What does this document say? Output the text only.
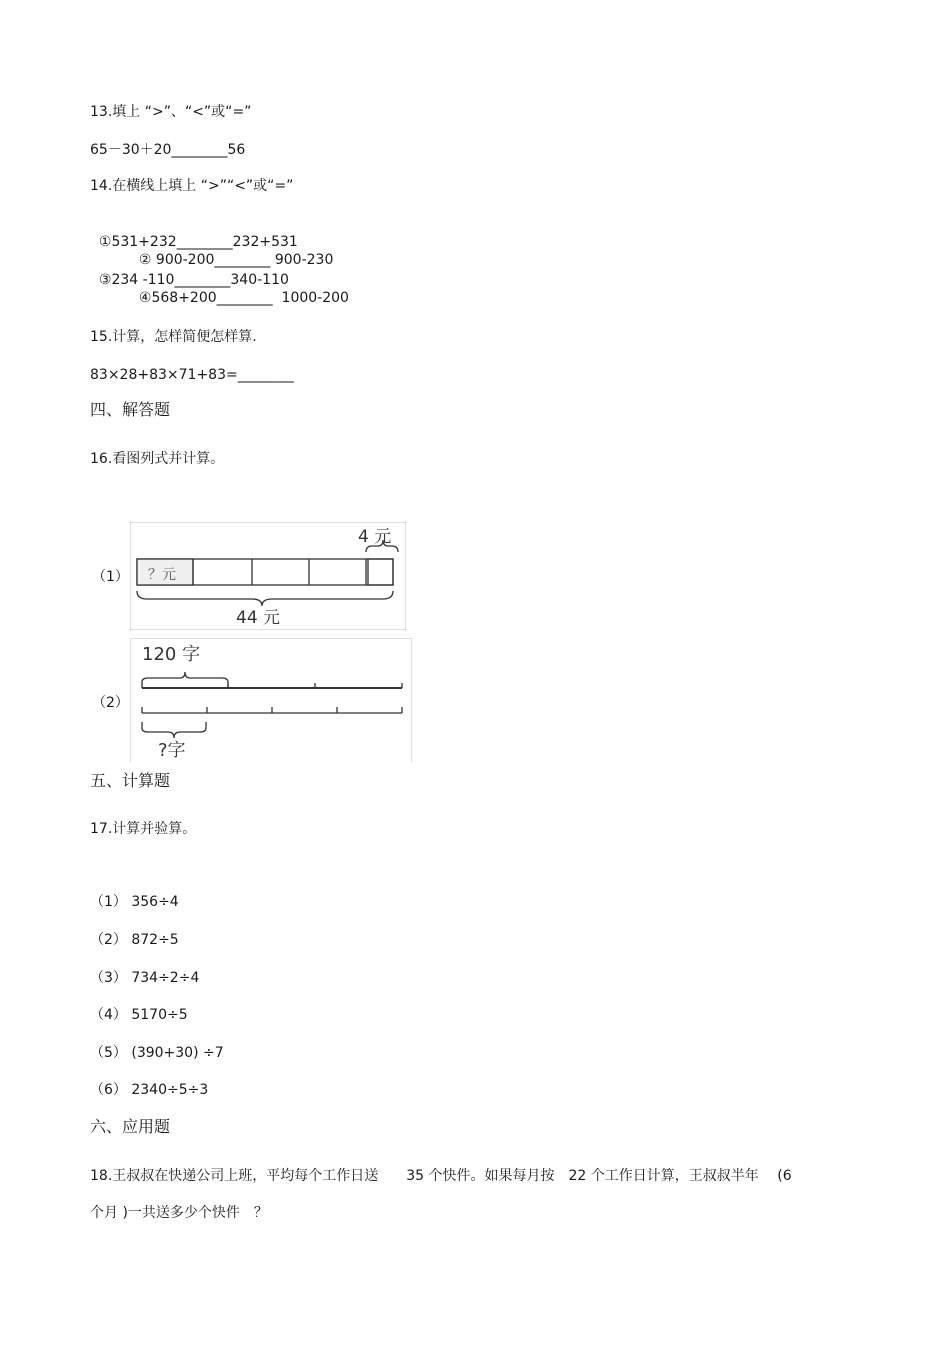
13.填上 “>”、“<”或“=”
65－30＋20________56
14.在横线上填上 “>”“<”或“=”

①531+232________232+531
② 900-200________ 900-230

③234 -110________340-110
④568+200________  1000-200

15.计算，怎样简便怎样算.
83×28+83×71+83=________
四、解答题
16.看图列式并计算。
（1）
4 元
？元
44 元
（2）
120 字
?字
五、计算题
17.计算并验算。
（1） 356÷4
（2） 872÷5
（3） 734÷2÷4
（4） 5170÷5
（5） (390+30) ÷7
（6） 2340÷5÷3
六、应用题
18.王叔叔在快递公司上班，平均每个工作日送　　35 个快件。如果每月按　22 个工作日计算，王叔叔半年　 (6
个月 )一共送多少个快件　？
